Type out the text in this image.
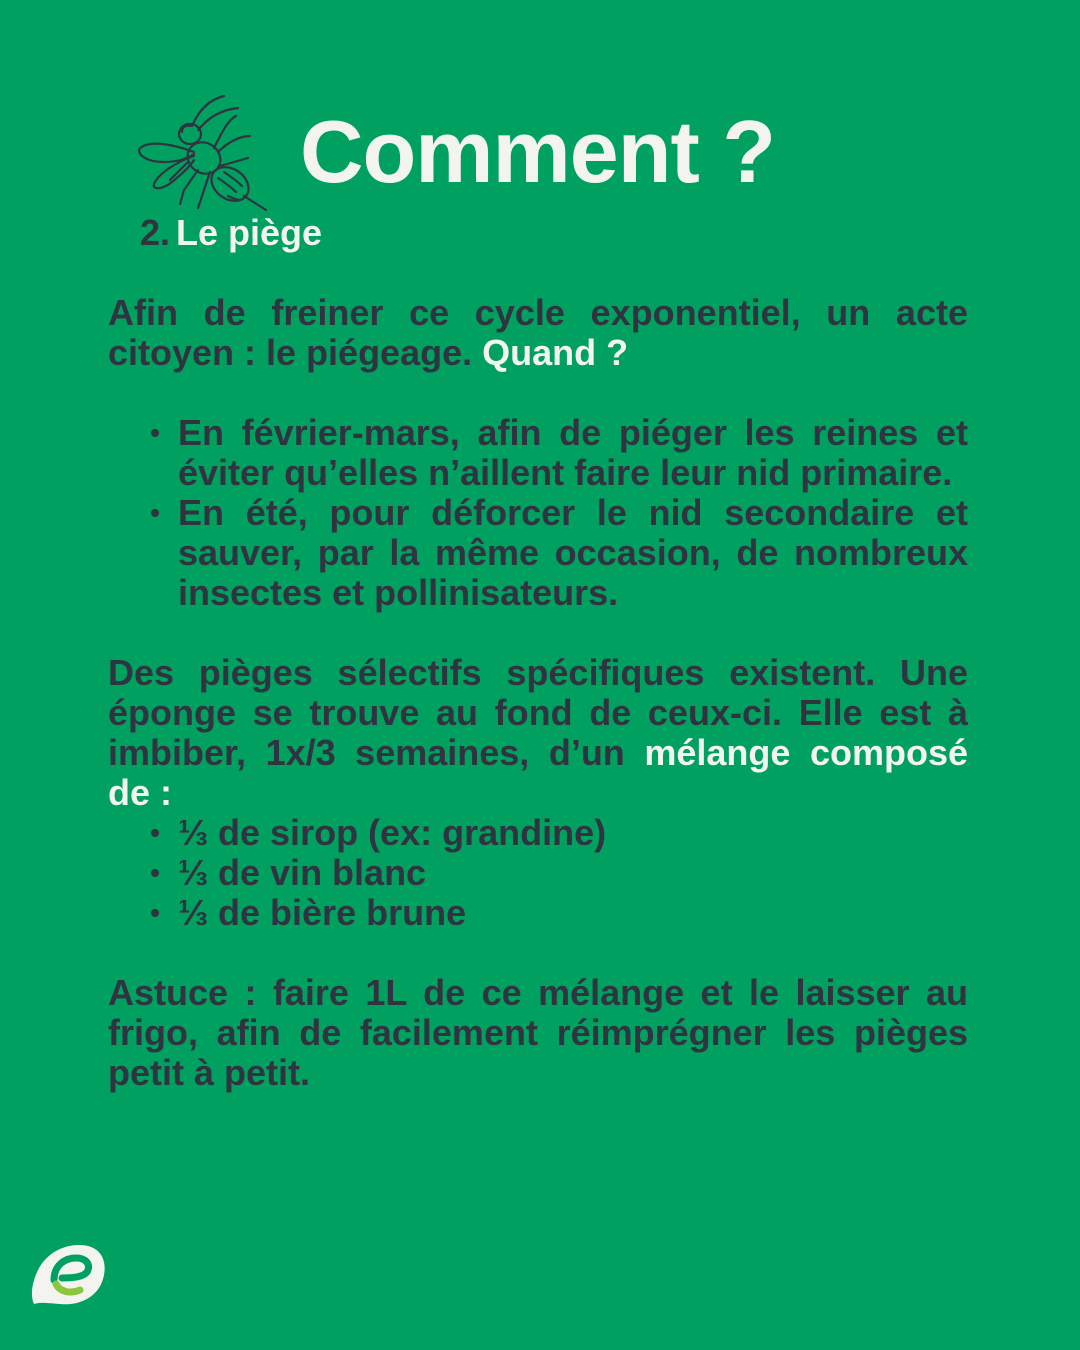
Comment ?
2. Le piège

Afin de freiner ce cycle exponentiel, un acte citoyen : le piégeage. Quand ?

En février-mars, afin de piéger les reines et éviter qu’elles n’aillent faire leur nid primaire.
En été, pour déforcer le nid secondaire et sauver, par la même occasion, de nombreux insectes et pollinisateurs.

Des pièges sélectifs spécifiques existent. Une éponge se trouve au fond de ceux-ci. Elle est à imbiber, 1x/3 semaines, d’un mélange composé de :

⅓ de sirop (ex: grandine)
⅓ de vin blanc
⅓ de bière brune

Astuce : faire 1L de ce mélange et le laisser au frigo, afin de facilement réimprégner les pièges petit à petit.
